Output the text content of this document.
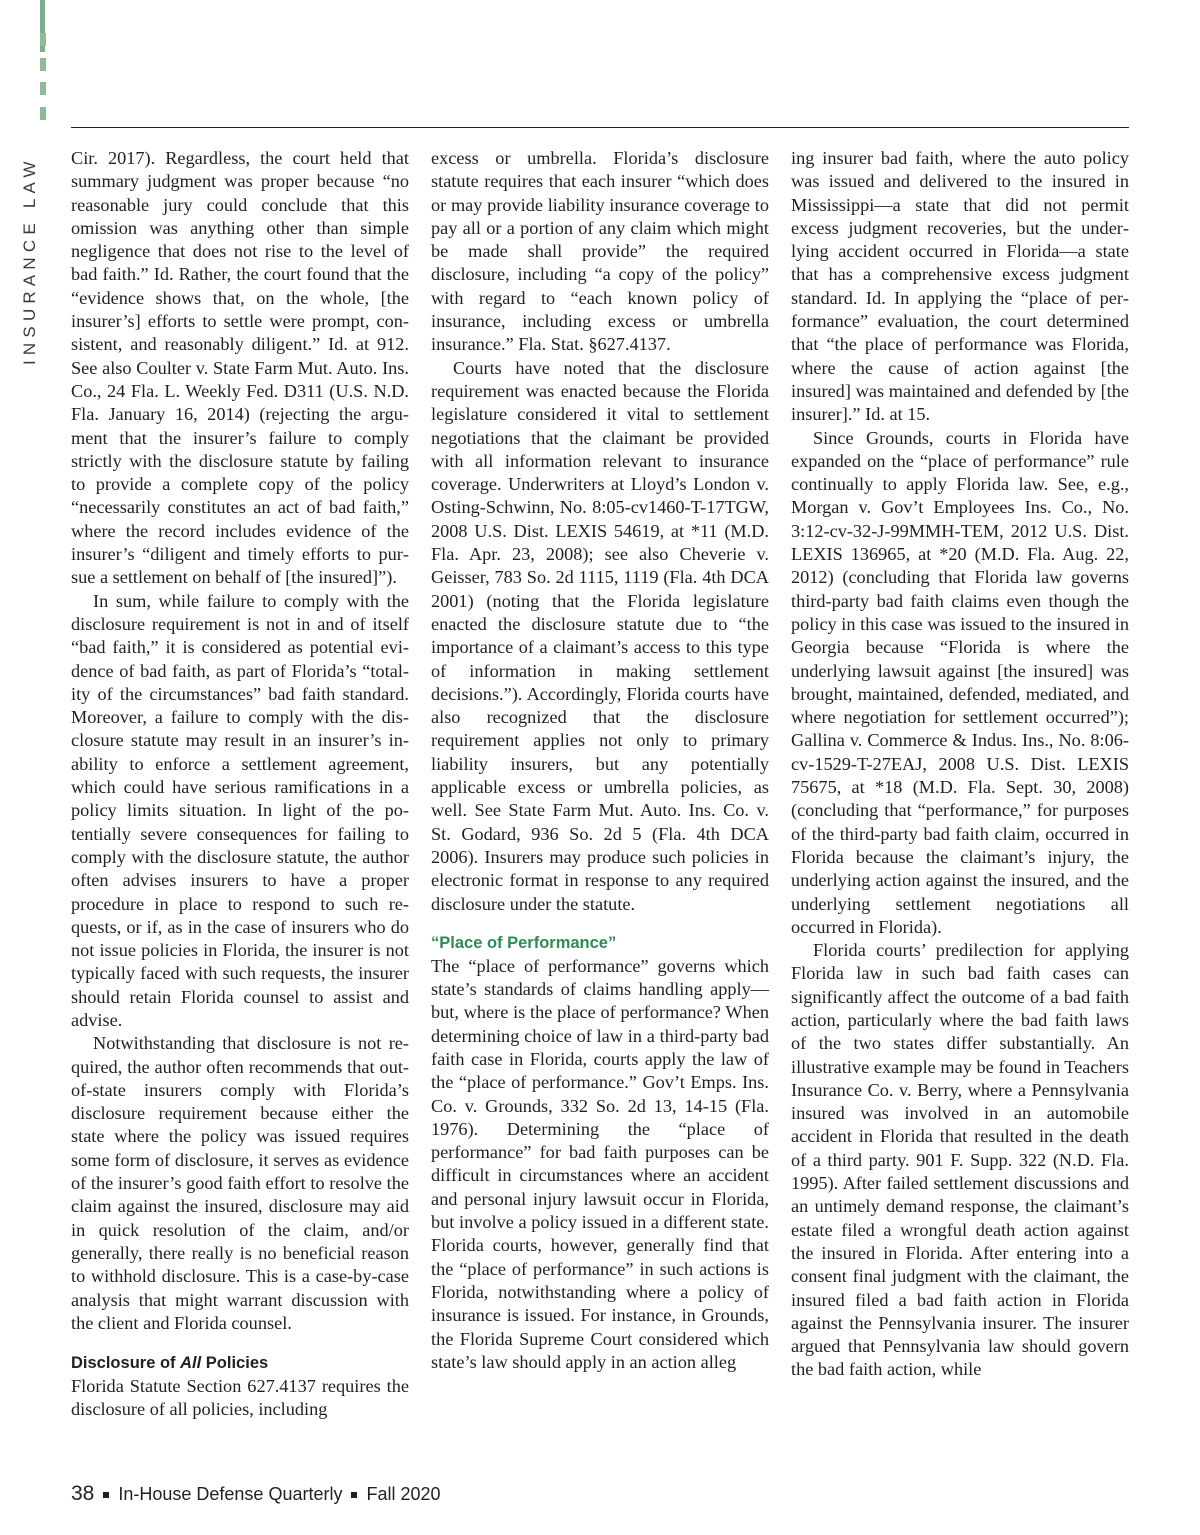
INSURANCE LAW Cir. 2017). Regardless, the court held that summary judgment was proper because “no reasonable jury could conclude that this omission was anything other than simple negligence that does not rise to the level of bad faith.” Id. Rather, the court found that the “evidence shows that, on the whole, [the insurer’s] efforts to settle were prompt, consistent, and reasonably diligent.” Id. at 912. See also Coulter v. State Farm Mut. Auto. Ins. Co., 24 Fla. L. Weekly Fed. D311 (U.S. N.D. Fla. January 16, 2014) (rejecting the argument that the insurer’s failure to comply strictly with the disclosure statute by failing to provide a complete copy of the policy “necessarily constitutes an act of bad faith,” where the record includes evidence of the insurer’s “diligent and timely efforts to pursue a settlement on behalf of [the insured]”).

In sum, while failure to comply with the disclosure requirement is not in and of itself “bad faith,” it is considered as potential evidence of bad faith, as part of Florida’s “totality of the circumstances” bad faith standard. Moreover, a failure to comply with the disclosure statute may result in an insurer’s inability to enforce a settlement agreement, which could have serious ramifications in a policy limits situation. In light of the potentially severe consequences for failing to comply with the disclosure statute, the author often advises insurers to have a proper procedure in place to respond to such requests, or if, as in the case of insurers who do not issue policies in Florida, the insurer is not typically faced with such requests, the insurer should retain Florida counsel to assist and advise.

Notwithstanding that disclosure is not required, the author often recommends that out-of-state insurers comply with Florida’s disclosure requirement because either the state where the policy was issued requires some form of disclosure, it serves as evidence of the insurer’s good faith effort to resolve the claim against the insured, disclosure may aid in quick resolution of the claim, and/or generally, there really is no beneficial reason to withhold disclosure. This is a case-by-case analysis that might warrant discussion with the client and Florida counsel.

Disclosure of All Policies

Florida Statute Section 627.4137 requires the disclosure of all policies, including

excess or umbrella. Florida’s disclosure statute requires that each insurer “which does or may provide liability insurance coverage to pay all or a portion of any claim which might be made shall provide” the required disclosure, including “a copy of the policy” with regard to “each known policy of insurance, including excess or umbrella insurance.” Fla. Stat. §627.4137.

Courts have noted that the disclosure requirement was enacted because the Florida legislature considered it vital to settlement negotiations that the claimant be provided with all information relevant to insurance coverage. Underwriters at Lloyd’s London v. Osting-Schwinn, No. 8:05-cv1460-T-17TGW, 2008 U.S. Dist. LEXIS 54619, at *11 (M.D. Fla. Apr. 23, 2008); see also Cheverie v. Geisser, 783 So. 2d 1115, 1119 (Fla. 4th DCA 2001) (noting that the Florida legislature enacted the disclosure statute due to “the importance of a claimant’s access to this type of information in making settlement decisions.”). Accordingly, Florida courts have also recognized that the disclosure requirement applies not only to primary liability insurers, but any potentially applicable excess or umbrella policies, as well. See State Farm Mut. Auto. Ins. Co. v. St. Godard, 936 So. 2d 5 (Fla. 4th DCA 2006). Insurers may produce such policies in electronic format in response to any required disclosure under the statute.

“Place of Performance”

The “place of performance” governs which state’s standards of claims handling apply—but, where is the place of performance? When determining choice of law in a third-party bad faith case in Florida, courts apply the law of the “place of performance.” Gov’t Emps. Ins. Co. v. Grounds, 332 So. 2d 13, 14-15 (Fla. 1976). Determining the “place of performance” for bad faith purposes can be difficult in circumstances where an accident and personal injury lawsuit occur in Florida, but involve a policy issued in a different state. Florida courts, however, generally find that the “place of performance” in such actions is Florida, notwithstanding where a policy of insurance is issued. For instance, in Grounds, the Florida Supreme Court considered which state’s law should apply in an action alleg

ing insurer bad faith, where the auto policy was issued and delivered to the insured in Mississippi—a state that did not permit excess judgment recoveries, but the underlying accident occurred in Florida—a state that has a comprehensive excess judgment standard. Id. In applying the “place of performance” evaluation, the court determined that “the place of performance was Florida, where the cause of action against [the insured] was maintained and defended by [the insurer].” Id. at 15.

Since Grounds, courts in Florida have expanded on the “place of performance” rule continually to apply Florida law. See, e.g., Morgan v. Gov’t Employees Ins. Co., No. 3:12-cv-32-J-99MMH-TEM, 2012 U.S. Dist. LEXIS 136965, at *20 (M.D. Fla. Aug. 22, 2012) (concluding that Florida law governs third-party bad faith claims even though the policy in this case was issued to the insured in Georgia because “Florida is where the underlying lawsuit against [the insured] was brought, maintained, defended, mediated, and where negotiation for settlement occurred”); Gallina v. Commerce & Indus. Ins., No. 8:06-cv-1529-T-27EAJ, 2008 U.S. Dist. LEXIS 75675, at *18 (M.D. Fla. Sept. 30, 2008) (concluding that “performance,” for purposes of the third-party bad faith claim, occurred in Florida because the claimant’s injury, the underlying action against the insured, and the underlying settlement negotiations all occurred in Florida).

Florida courts’ predilection for applying Florida law in such bad faith cases can significantly affect the outcome of a bad faith action, particularly where the bad faith laws of the two states differ substantially. An illustrative example may be found in Teachers Insurance Co. v. Berry, where a Pennsylvania insured was involved in an automobile accident in Florida that resulted in the death of a third party. 901 F. Supp. 322 (N.D. Fla. 1995). After failed settlement discussions and an untimely demand response, the claimant’s estate filed a wrongful death action against the insured in Florida. After entering into a consent final judgment with the claimant, the insured filed a bad faith action in Florida against the Pennsylvania insurer. The insurer argued that Pennsylvania law should govern the bad faith action, while

38 In-House Defense Quarterly Fall 2020
